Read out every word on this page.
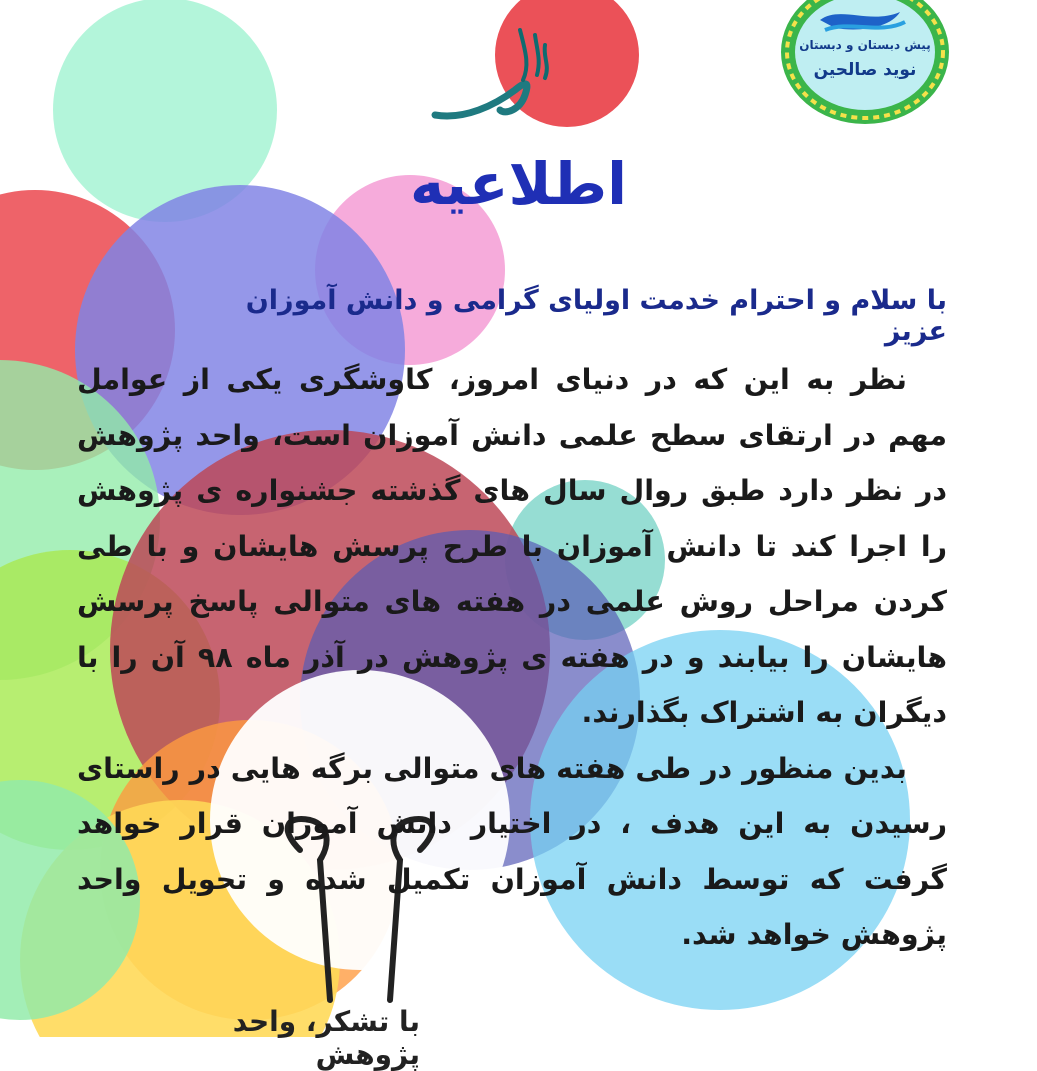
پیش دبستان و دبستان
نوید صالحین
اطلاعیه
با سلام و احترام خدمت اولیای گرامی و دانش آموزان عزیز

نظر به این که در دنیای امروز، کاوشگری یکی از عوامل مهم در ارتقای سطح علمی دانش آموزان است، واحد پژوهش در نظر دارد طبق روال سال های گذشته جشنواره ی پژوهش را اجرا کند تا دانش آموزان با طرح پرسش هایشان و با طی کردن مراحل روش علمی در هفته های متوالی پاسخ پرسش هایشان را بیابند و در هفته ی پژوهش در آذر ماه ۹۸ آن را با دیگران به اشتراک بگذارند.

بدین منظور در طی هفته های متوالی برگه هایی در راستای رسیدن به این هدف ، در اختیار دانش آموزان قرار خواهد گرفت که توسط دانش آموزان تکمیل شده و تحویل واحد پژوهش خواهد شد.

با تشکر، واحد پژوهش
